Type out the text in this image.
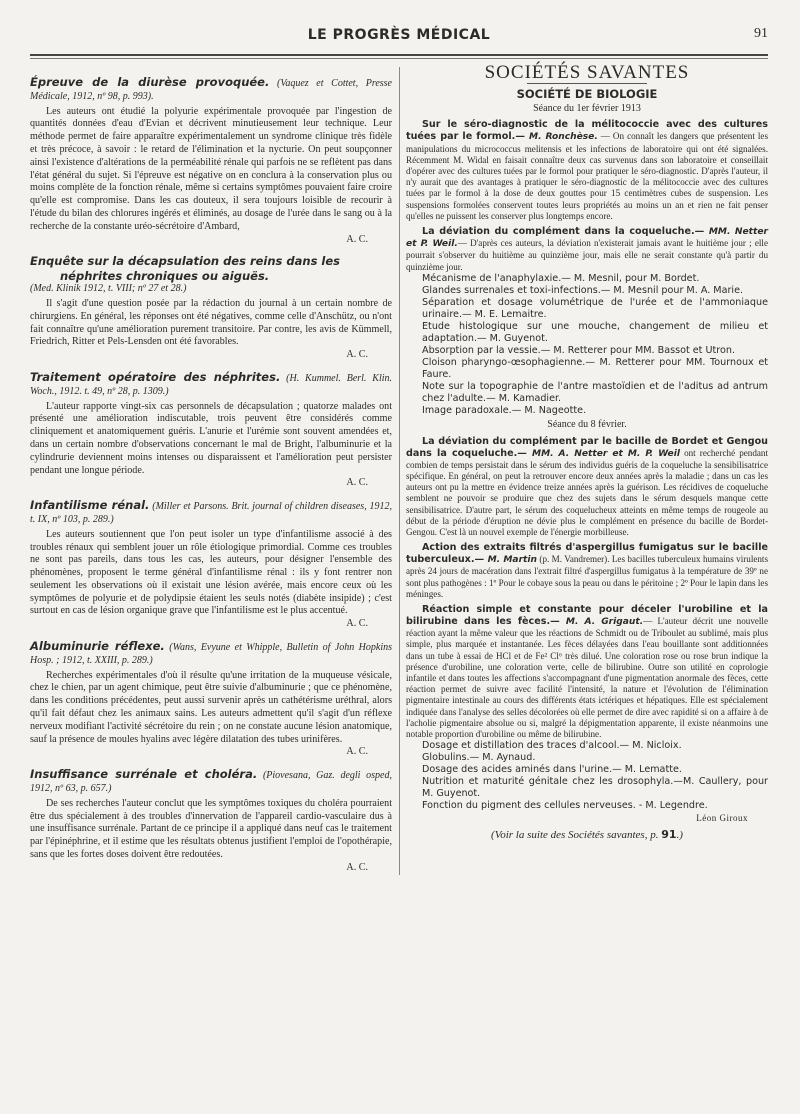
LE PROGRÈS MÉDICAL	91
Épreuve de la diurèse provoquée. (Vaquez et Cottet, Presse Médicale, 1912, nº 98, p. 993).

Les auteurs ont étudié la polyurie expérimentale provoquée par l'ingestion de quantités données d'eau d'Evian et décrivent minutieusement leur technique. Leur méthode permet de faire apparaître expérimentalement un syndrome clinique très fidèle et très précoce, à savoir : le retard de l'élimination et la nycturie. On peut soupçonner ainsi l'existence d'altérations de la perméabilité rénale qui parfois ne se reflètent pas dans l'état général du sujet. Si l'épreuve est négative on en conclura à la conservation plus ou moins complète de la fonction rénale, même si certains symptômes pouvaient faire croire qu'elle est compromise. Dans les cas douteux, il sera toujours loisible de recourir à l'étude du bilan des chlorures ingérés et éliminés, au dosage de l'urée dans le sang ou à la recherche de la constante uréo-sécrétoire d'Ambard,

A. C.
Enquête sur la décapsulation des reins dans les
néphrites chroniques ou aiguës.
(Med. Klinik 1912, t. VIII; nº 27 et 28.)

Il s'agit d'une question posée par la rédaction du journal à un certain nombre de chirurgiens. En général, les réponses ont été négatives, comme celle d'Anschütz, ou n'ont fait connaître qu'une amélioration purement transitoire. Par contre, les avis de Kümmell, Friedrich, Ritter et Pels-Lensden ont été favorables.

A. C.
Traitement opératoire des néphrites. (H. Kummel. Berl. Klin. Woch., 1912. t. 49, nº 28, p. 1309.)

L'auteur rapporte vingt-six cas personnels de décapsulation ; quatorze malades ont présenté une amélioration indiscutable, trois peuvent être considérés comme cliniquement et anatomiquement guéris. L'anurie et l'urémie sont souvent amendées et, dans un certain nombre d'observations concernant le mal de Bright, l'albuminurie et la cylindrurie deviennent moins intenses ou disparaissent et l'amélioration peut persister pendant une longue période.

A. C.
Infantilisme rénal. (Miller et Parsons. Brit. journal of children diseases, 1912, t. IX, nº 103, p. 289.)

Les auteurs soutiennent que l'on peut isoler un type d'infantilisme associé à des troubles rénaux qui semblent jouer un rôle étiologique primordial. Comme ces troubles ne sont pas pareils, dans tous les cas, les auteurs, pour désigner l'ensemble des phénomènes, proposent le terme général d'infantilisme rénal : ils y font rentrer non seulement les observations où il existait une lésion avérée, mais encore ceux où les symptômes de polyurie et de polydipsie étaient les seuls notés (diabète insipide) ; c'est surtout en cas de lésion organique grave que l'infantilisme est le plus accentué.

A. C.
Albuminurie réflexe. (Wans, Evyune et Whipple, Bulletin of John Hopkins Hosp. ; 1912, t. XXIII, p. 289.)

Recherches expérimentales d'où il résulte qu'une irritation de la muqueuse vésicale, chez le chien, par un agent chimique, peut être suivie d'albuminurie ; que ce phénomène, dans les conditions précédentes, peut aussi survenir après un cathétérisme uréthral, alors qu'il fait défaut chez les animaux sains. Les auteurs admettent qu'il s'agit d'un réflexe nerveux modifiant l'activité sécrétoire du rein ; on ne constate aucune lésion anatomique, sauf la présence de moules hyalins avec légère dilatation des tubes urinifères.

A. C.
Insuffisance surrénale et choléra. (Piovesana, Gaz. degli osped, 1912, nº 63, p. 657.)

De ses recherches l'auteur conclut que les symptômes toxiques du choléra pourraient être dus spécialement à des troubles d'innervation de l'appareil cardio-vasculaire dus à une insuffisance surrénale. Partant de ce principe il a appliqué dans neuf cas le traitement par l'épinéphrine, et il estime que les résultats obtenus justifient l'emploi de l'opothérapie, sans que les fortes doses doivent être redoutées.

A. C.
SOCIÉTÉS SAVANTES
SOCIÉTÉ DE BIOLOGIE
Séance du 1er février 1913
Sur le séro-diagnostic de la mélitococcie avec des cultures tuées par le formol.— M. Ronchèse. — On connaît les dangers que présentent les manipulations du micrococcus melitensis et les infections de laboratoire qui ont été signalées. Récemment M. Widal en faisait connaître deux cas survenus dans son laboratoire et conseillait d'opérer avec des cultures tuées par le formol pour pratiquer le séro-diagnostic. D'après l'auteur, il n'y aurait que des avantages à pratiquer le séro-diagnostic de la mélitococcie avec des cultures tuées par le formol à la dose de deux gouttes pour 15 centimètres cubes de suspension. Les suspensions formolées conservent toutes leurs propriétés au moins un an et rien ne fait penser qu'elles ne puissent les conserver plus longtemps encore.
La déviation du complément dans la coqueluche.— MM. Netter et P. Weil.— D'après ces auteurs, la déviation n'existerait jamais avant le huitième jour ; elle pourrait s'observer du huitième au quinzième jour, mais elle ne serait constante qu'à partir du quinzième jour.
Mécanisme de l'anaphylaxie.— M. Mesnil, pour M. Bordet.
Glandes surrenales et toxi-infections.— M. Mesnil pour M. A. Marie.
Séparation et dosage volumétrique de l'urée et de l'ammoniaque urinaire.— M. E. Lemaitre.
Etude histologique sur une mouche, changement de milieu et adaptation.— M. Guyenot.
Absorption par la vessie.— M. Retterer pour MM. Bassot et Utron.
Cloison pharyngo-œsophagienne.— M. Retterer pour MM. Tournoux et Faure.
Note sur la topographie de l'antre mastoïdien et de l'aditus ad antrum chez l'adulte.— M. Kamadier.
Image paradoxale.— M. Nageotte.
Séance du 8 février.
La déviation du complément par le bacille de Bordet et Gengou dans la coqueluche.— MM. A. Netter et M. P. Weil ont recherché pendant combien de temps persistait dans le sérum des individus guéris de la coqueluche la sensibilisatrice spécifique. En général, on peut la retrouver encore deux années après la maladie ; dans un cas les auteurs ont pu la mettre en évidence treize années après la guérison. Les récidives de coqueluche semblent ne pouvoir se produire que chez des sujets dans le sérum desquels manque cette sensibilisatrice. D'autre part, le sérum des coquelucheux atteints en même temps de rougeole au début de la période d'éruption ne dévie plus le complément en présence du bacille de Bordet-Gengou. C'est là un nouvel exemple de l'énergie morbilleuse.
Action des extraits filtrés d'aspergillus fumigatus sur le bacille tuberculeux.— M. Martin (p. M. Vandremer). Les bacilles tuberculeux humains virulents après 24 jours de macération dans l'extrait filtré d'aspergillus fumigatus à la température de 39º ne sont plus pathogènes : 1º Pour le cobaye sous la peau ou dans le péritoine ; 2º Pour le lapin dans les méninges.
Réaction simple et constante pour déceler l'urobiline et la bilirubine dans les fèces.— M. A. Grigaut.— L'auteur décrit une nouvelle réaction ayant la même valeur que les réactions de Schmidt ou de Triboulet au sublimé, mais plus simple, plus marquée et instantanée. Les fèces délayées dans l'eau bouillante sont additionnées dans un tube à essai de HCl et de Fe² Cl⁶ très dilué. Une coloration rose ou rose brun indique la présence d'urobiline, une coloration verte, celle de bilirubine. Outre son utilité en coprologie infantile et dans toutes les affections s'accompagnant d'une pigmentation anormale des fèces, cette réaction permet de suivre avec facilité l'intensité, la nature et l'évolution de l'élimination pigmentaire intestinale au cours des différents états ictériques et hépatiques. Elle est spécialement indiquée dans l'analyse des selles décolorées où elle permet de dire avec rapidité si on a affaire à de l'acholie pigmentaire absolue ou si, malgré la dépigmentation apparente, il existe néanmoins une notable proportion d'urobiline ou même de bilirubine.
Dosage et distillation des traces d'alcool.— M. Nicloix.
Globulins.— M. Aynaud.
Dosage des acides aminés dans l'urine.— M. Lematte.
Nutrition et maturité génitale chez les drosophyla.—M. Caullery, pour M. Guyenot.
Fonction du pigment des cellules nerveuses. - M. Legendre.
Léon Giroux
(Voir la suite des Sociétés savantes, p. 91.)
